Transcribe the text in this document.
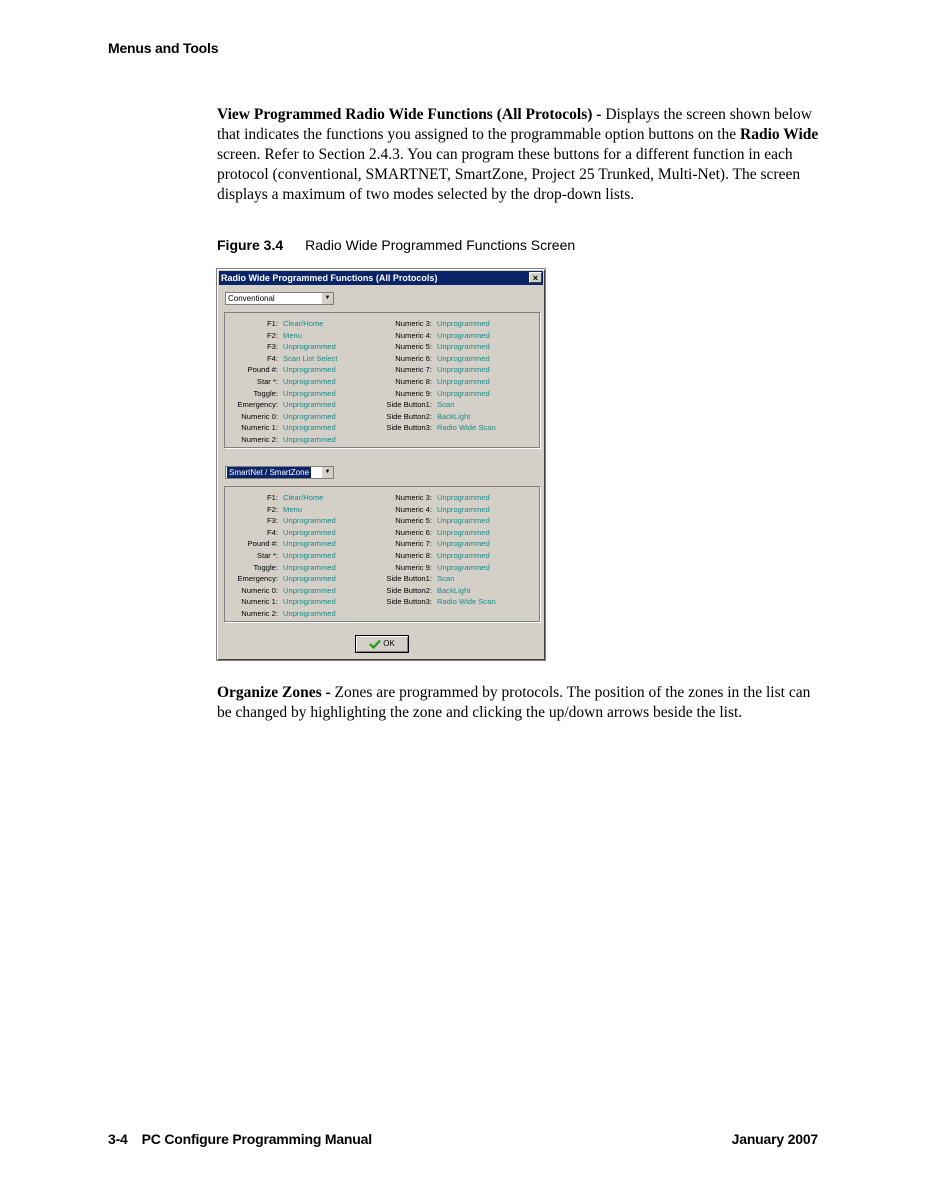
Menus and Tools
View Programmed Radio Wide Functions (All Protocols) - Displays the screen shown below that indicates the functions you assigned to the programmable option buttons on the Radio Wide screen. Refer to Section 2.4.3. You can program these buttons for a different function in each protocol (conventional, SMARTNET, SmartZone, Project 25 Trunked, Multi-Net). The screen displays a maximum of two modes selected by the drop-down lists.
Figure 3.4 Radio Wide Programmed Functions Screen
Radio Wide Programmed Functions (All Protocols)	×
Conventional	▼
F1: Clear/Home
F2: Menu
F3: Unprogrammed
F4: Scan List Select
Pound #: Unprogrammed
Star *: Unprogrammed
Toggle: Unprogrammed
Emergency: Unprogrammed
Numeric 0: Unprogrammed
Numeric 1: Unprogrammed
Numeric 2: Unprogrammed
Numeric 3: Unprogrammed
Numeric 4: Unprogrammed
Numeric 5: Unprogrammed
Numeric 6: Unprogrammed
Numeric 7: Unprogrammed
Numeric 8: Unprogrammed
Numeric 9: Unprogrammed
Side Button1: Scan
Side Button2: BackLight
Side Button3: Radio Wide Scan
SmartNet / SmartZone	▼
F1: Clear/Home
F2: Menu
F3: Unprogrammed
F4: Unprogrammed
Pound #: Unprogrammed
Star *: Unprogrammed
Toggle: Unprogrammed
Emergency: Unprogrammed
Numeric 0: Unprogrammed
Numeric 1: Unprogrammed
Numeric 2: Unprogrammed
Numeric 3: Unprogrammed
Numeric 4: Unprogrammed
Numeric 5: Unprogrammed
Numeric 6: Unprogrammed
Numeric 7: Unprogrammed
Numeric 8: Unprogrammed
Numeric 9: Unprogrammed
Side Button1: Scan
Side Button2: BackLight
Side Button3: Radio Wide Scan
OK
Organize Zones - Zones are programmed by protocols. The position of the zones in the list can be changed by highlighting the zone and clicking the up/down arrows beside the list.
3-4 PC Configure Programming Manual	January 2007
